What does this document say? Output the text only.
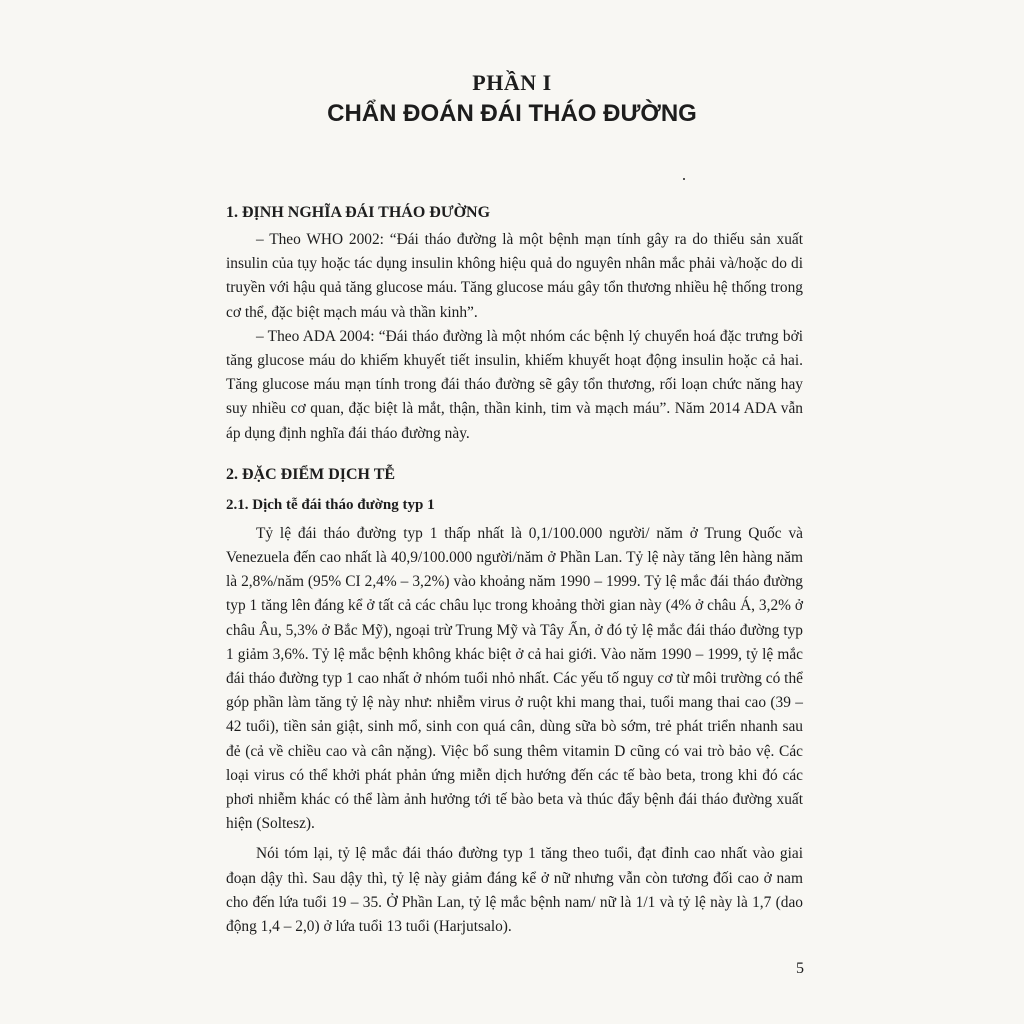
PHẦN I
CHẨN ĐOÁN ĐÁI THÁO ĐƯỜNG

1. ĐỊNH NGHĨA ĐÁI THÁO ĐƯỜNG

– Theo WHO 2002: “Đái tháo đường là một bệnh mạn tính gây ra do thiếu sản xuất insulin của tụy hoặc tác dụng insulin không hiệu quả do nguyên nhân mắc phải và/hoặc do di truyền với hậu quả tăng glucose máu. Tăng glucose máu gây tổn thương nhiều hệ thống trong cơ thể, đặc biệt mạch máu và thần kinh”.

– Theo ADA 2004: “Đái tháo đường là một nhóm các bệnh lý chuyển hoá đặc trưng bởi tăng glucose máu do khiếm khuyết tiết insulin, khiếm khuyết hoạt động insulin hoặc cả hai. Tăng glucose máu mạn tính trong đái tháo đường sẽ gây tổn thương, rối loạn chức năng hay suy nhiều cơ quan, đặc biệt là mắt, thận, thần kinh, tim và mạch máu”. Năm 2014 ADA vẫn áp dụng định nghĩa đái tháo đường này.

2. ĐẶC ĐIỂM DỊCH TỄ

2.1. Dịch tễ đái tháo đường typ 1

Tỷ lệ đái tháo đường typ 1 thấp nhất là 0,1/100.000 người/ năm ở Trung Quốc và Venezuela đến cao nhất là 40,9/100.000 người/năm ở Phần Lan. Tỷ lệ này tăng lên hàng năm là 2,8%/năm (95% CI 2,4% – 3,2%) vào khoảng năm 1990 – 1999. Tỷ lệ mắc đái tháo đường typ 1 tăng lên đáng kể ở tất cả các châu lục trong khoảng thời gian này (4% ở châu Á, 3,2% ở châu Âu, 5,3% ở Bắc Mỹ), ngoại trừ Trung Mỹ và Tây Ấn, ở đó tỷ lệ mắc đái tháo đường typ 1 giảm 3,6%. Tỷ lệ mắc bệnh không khác biệt ở cả hai giới. Vào năm 1990 – 1999, tỷ lệ mắc đái tháo đường typ 1 cao nhất ở nhóm tuổi nhỏ nhất. Các yếu tố nguy cơ từ môi trường có thể góp phần làm tăng tỷ lệ này như: nhiễm virus ở ruột khi mang thai, tuổi mang thai cao (39 – 42 tuổi), tiền sản giật, sinh mổ, sinh con quá cân, dùng sữa bò sớm, trẻ phát triển nhanh sau đẻ (cả về chiều cao và cân nặng). Việc bổ sung thêm vitamin D cũng có vai trò bảo vệ. Các loại virus có thể khởi phát phản ứng miễn dịch hướng đến các tế bào beta, trong khi đó các phơi nhiễm khác có thể làm ảnh hưởng tới tế bào beta và thúc đẩy bệnh đái tháo đường xuất hiện (Soltesz).

Nói tóm lại, tỷ lệ mắc đái tháo đường typ 1 tăng theo tuổi, đạt đỉnh cao nhất vào giai đoạn dậy thì. Sau dậy thì, tỷ lệ này giảm đáng kể ở nữ nhưng vẫn còn tương đối cao ở nam cho đến lứa tuổi 19 – 35. Ở Phần Lan, tỷ lệ mắc bệnh nam/ nữ là 1/1 và tỷ lệ này là 1,7 (dao động 1,4 – 2,0) ở lứa tuổi 13 tuổi (Harjutsalo).

5
